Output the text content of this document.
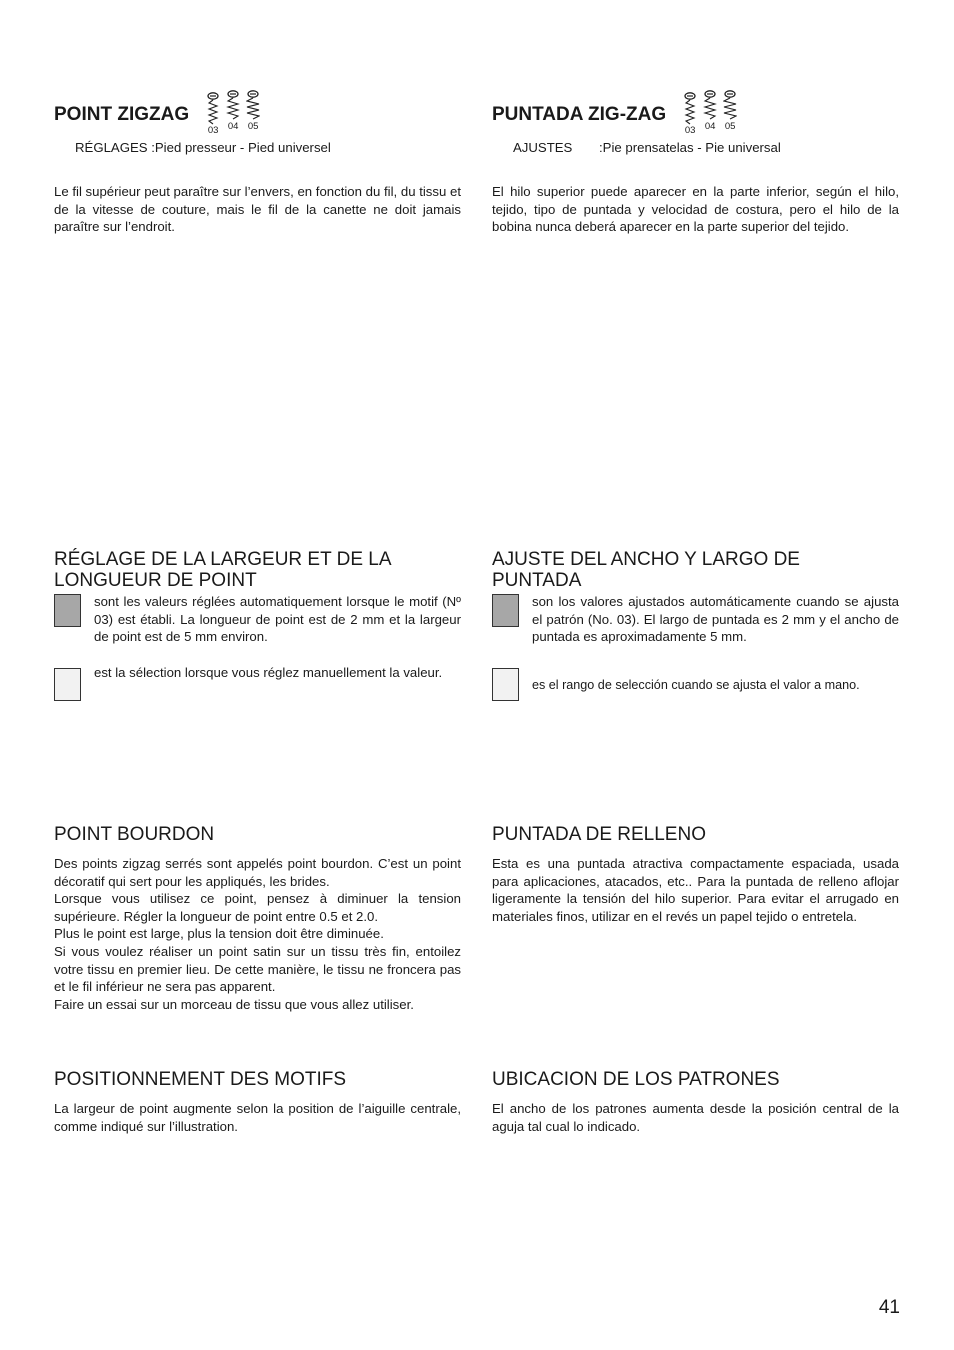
POINT ZIGZAG
03 04 05
RÉGLAGES :Pied presseur - Pied universel
Le fil supérieur peut paraître sur l’envers, en fonction du fil, du tissu et de la vitesse de couture, mais le fil de la canette ne doit jamais paraître sur l’endroit.
RÉGLAGE DE LA LARGEUR ET DE LA
LONGUEUR DE POINT
sont les valeurs réglées automatiquement lorsque le motif (Nº 03) est établi. La longueur de point est de 2 mm et la largeur de point est de 5 mm environ.
est la sélection lorsque vous réglez manuellement la valeur.
POINT BOURDON
Des points zigzag serrés sont appelés point bourdon. C’est un point décoratif qui sert pour les appliqués, les brides.
Lorsque vous utilisez ce point, pensez à diminuer la tension supérieure. Régler la longueur de point entre 0.5 et 2.0.
Plus le point est large, plus la tension doit être diminuée.
Si vous voulez réaliser un point satin sur un tissu très fin, entoilez votre tissu en premier lieu. De cette manière, le tissu ne froncera pas et le fil inférieur ne sera pas apparent.
Faire un essai sur un morceau de tissu que vous allez utiliser.
POSITIONNEMENT DES MOTIFS
La largeur de point augmente selon la position de l’aiguille centrale, comme indiqué sur l’illustration.
PUNTADA ZIG-ZAG
03 04 05
AJUSTES :Pie prensatelas - Pie universal
El hilo superior puede aparecer en la parte inferior, según el hilo, tejido, tipo de puntada y velocidad de costura, pero el hilo de la bobina nunca deberá aparecer en la parte superior del tejido.
AJUSTE DEL ANCHO Y LARGO DE
PUNTADA
son los valores ajustados automáticamente cuando se ajusta el patrón (No. 03). El largo de puntada es 2 mm y el ancho de puntada es aproximadamente 5 mm.
es el rango de selección cuando se ajusta el valor a mano.
PUNTADA DE RELLENO
Esta es una puntada atractiva compactamente espaciada, usada para aplicaciones, atacados, etc.. Para la puntada de relleno aflojar ligeramente la tensión del hilo superior. Para evitar el arrugado en materiales finos, utilizar en el revés un papel tejido o entretela.
UBICACION DE LOS PATRONES
El ancho de los patrones aumenta desde la posición central de la aguja tal cual lo indicado.
41
